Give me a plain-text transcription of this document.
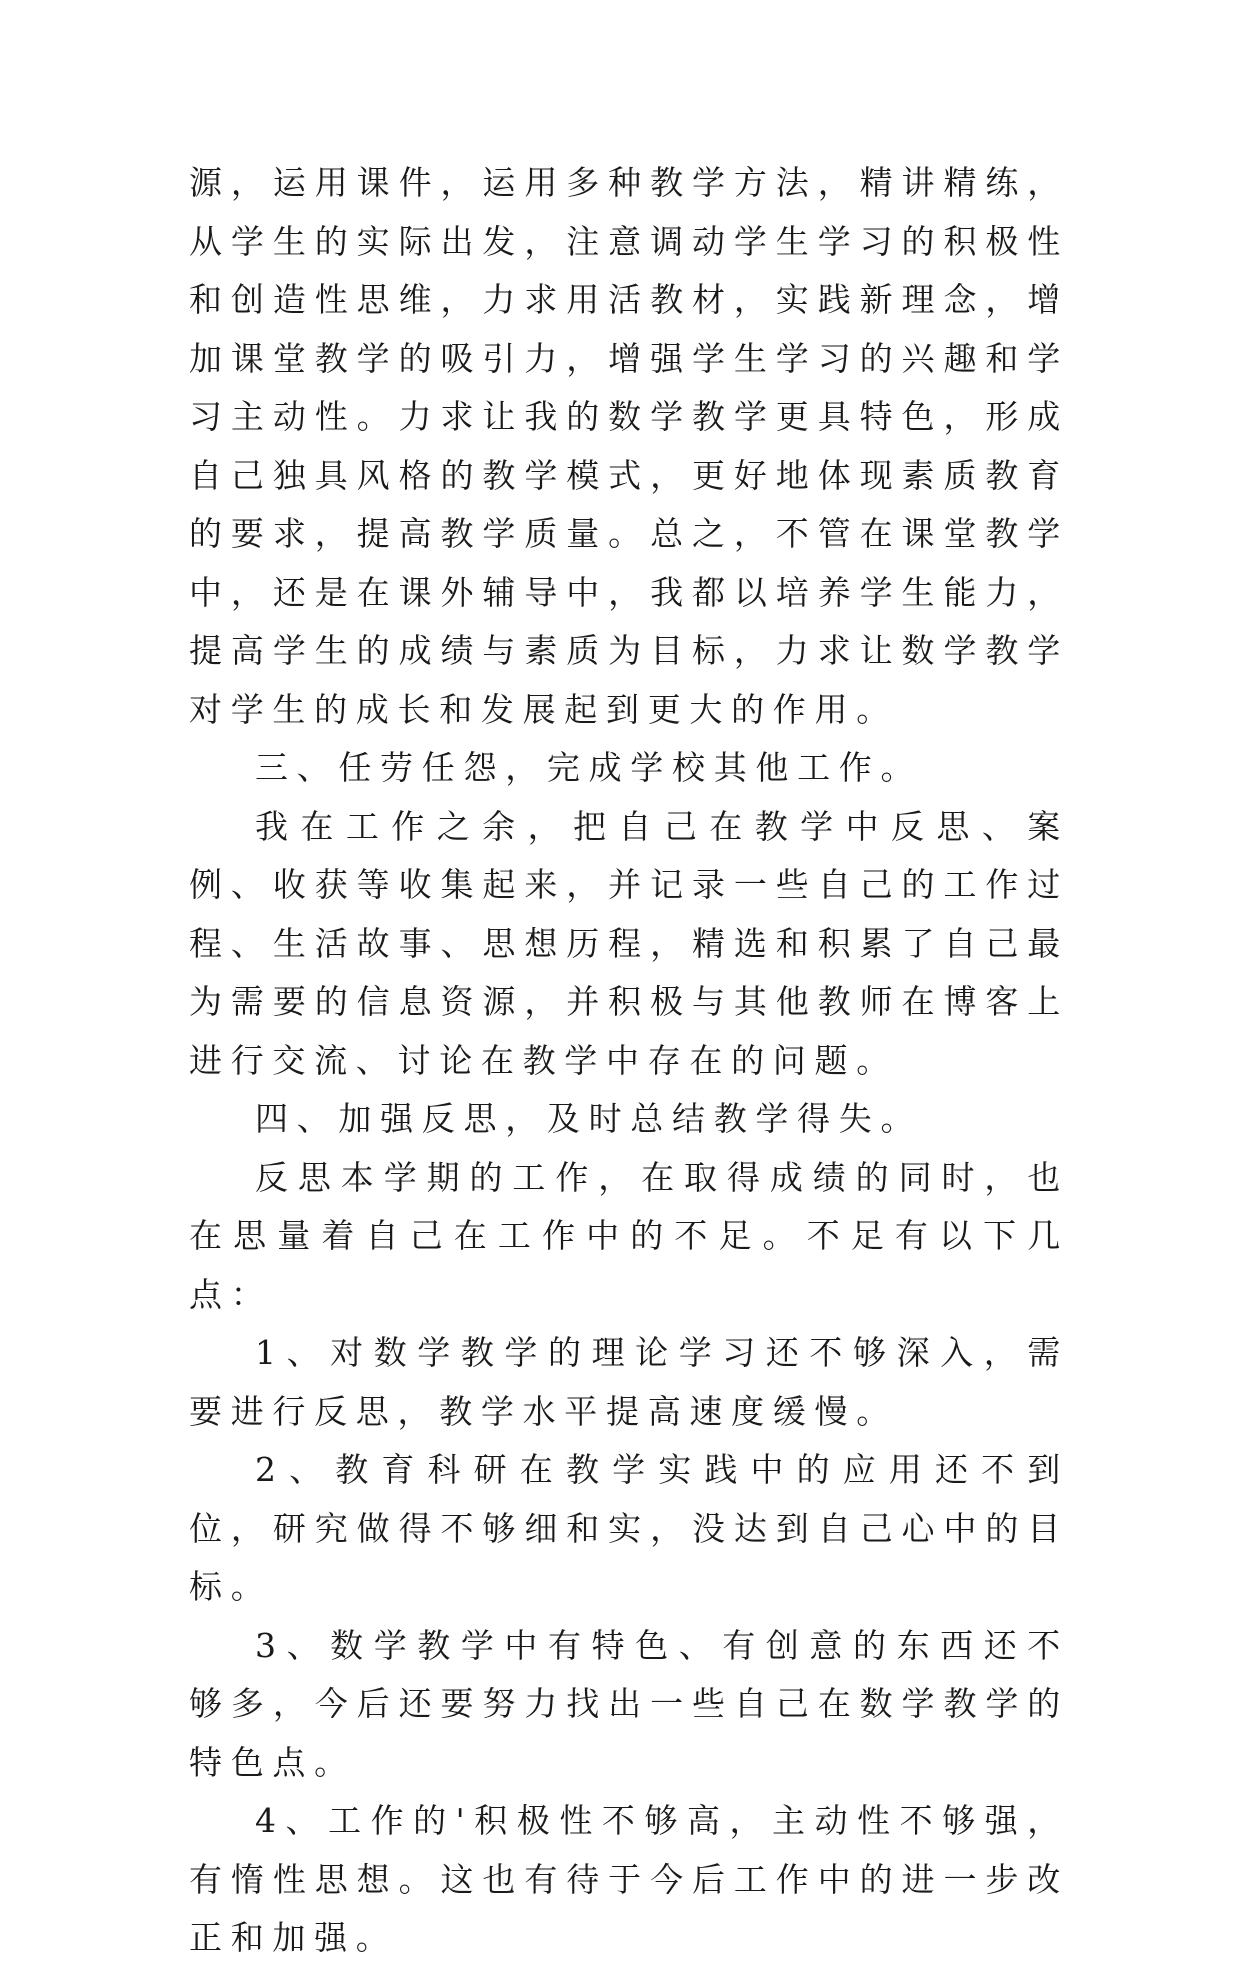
源，运用课件，运用多种教学方法，精讲精练，从学生的实际出发，注意调动学生学习的积极性和创造性思维，力求用活教材，实践新理念，增加课堂教学的吸引力，增强学生学习的兴趣和学习主动性。力求让我的数学教学更具特色，形成自己独具风格的教学模式，更好地体现素质教育的要求，提高教学质量。总之，不管在课堂教学中，还是在课外辅导中，我都以培养学生能力，提高学生的成绩与素质为目标，力求让数学教学对学生的成长和发展起到更大的作用。

三、任劳任怨，完成学校其他工作。

我在工作之余，把自己在教学中反思、案例、收获等收集起来，并记录一些自己的工作过程、生活故事、思想历程，精选和积累了自己最为需要的信息资源，并积极与其他教师在博客上进行交流、讨论在教学中存在的问题。

四、加强反思，及时总结教学得失。

反思本学期的工作，在取得成绩的同时，也在思量着自己在工作中的不足。不足有以下几点：

1、对数学教学的理论学习还不够深入，需要进行反思，教学水平提高速度缓慢。

2、教育科研在教学实践中的应用还不到位，研究做得不够细和实，没达到自己心中的目标。

3、数学教学中有特色、有创意的东西还不够多，今后还要努力找出一些自己在数学教学的特色点。

4、工作的'积极性不够高，主动性不够强，有惰性思想。这也有待于今后工作中的进一步改正和加强。
